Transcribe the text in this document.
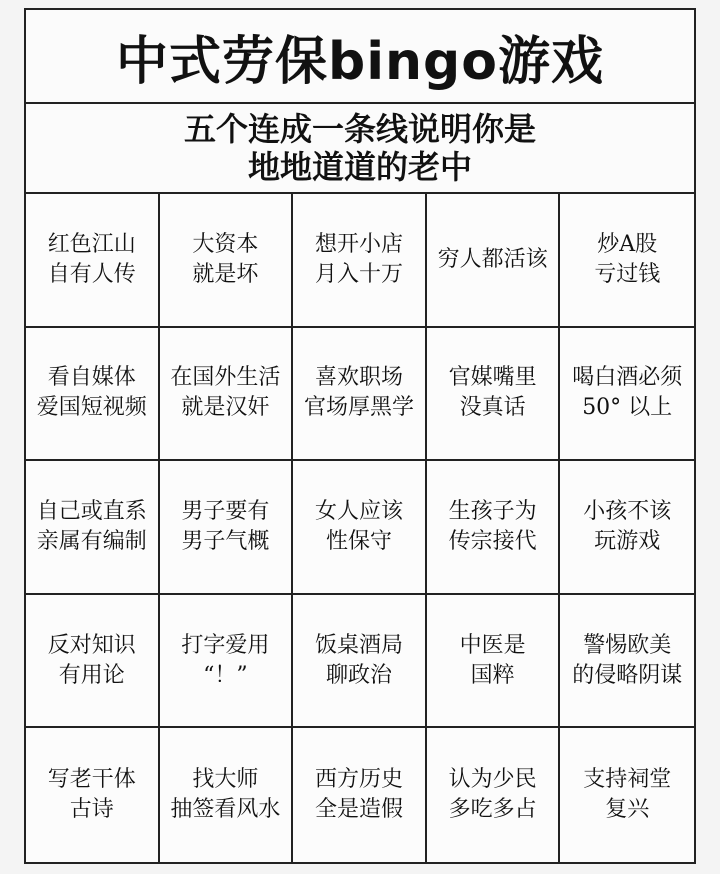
中式劳保bingo游戏
五个连成一条线说明你是
地地道道的老中
红色江山
自有人传
大资本
就是坏
想开小店
月入十万
穷人都活该
炒A股
亏过钱
看自媒体
爱国短视频
在国外生活
就是汉奸
喜欢职场
官场厚黑学
官媒嘴里
没真话
喝白酒必须
50° 以上
自己或直系
亲属有编制
男子要有
男子气概
女人应该
性保守
生孩子为
传宗接代
小孩不该
玩游戏
反对知识
有用论
打字爱用
“！”
饭桌酒局
聊政治
中医是
国粹
警惕欧美
的侵略阴谋
写老干体
古诗
找大师
抽签看风水
西方历史
全是造假
认为少民
多吃多占
支持祠堂
复兴
